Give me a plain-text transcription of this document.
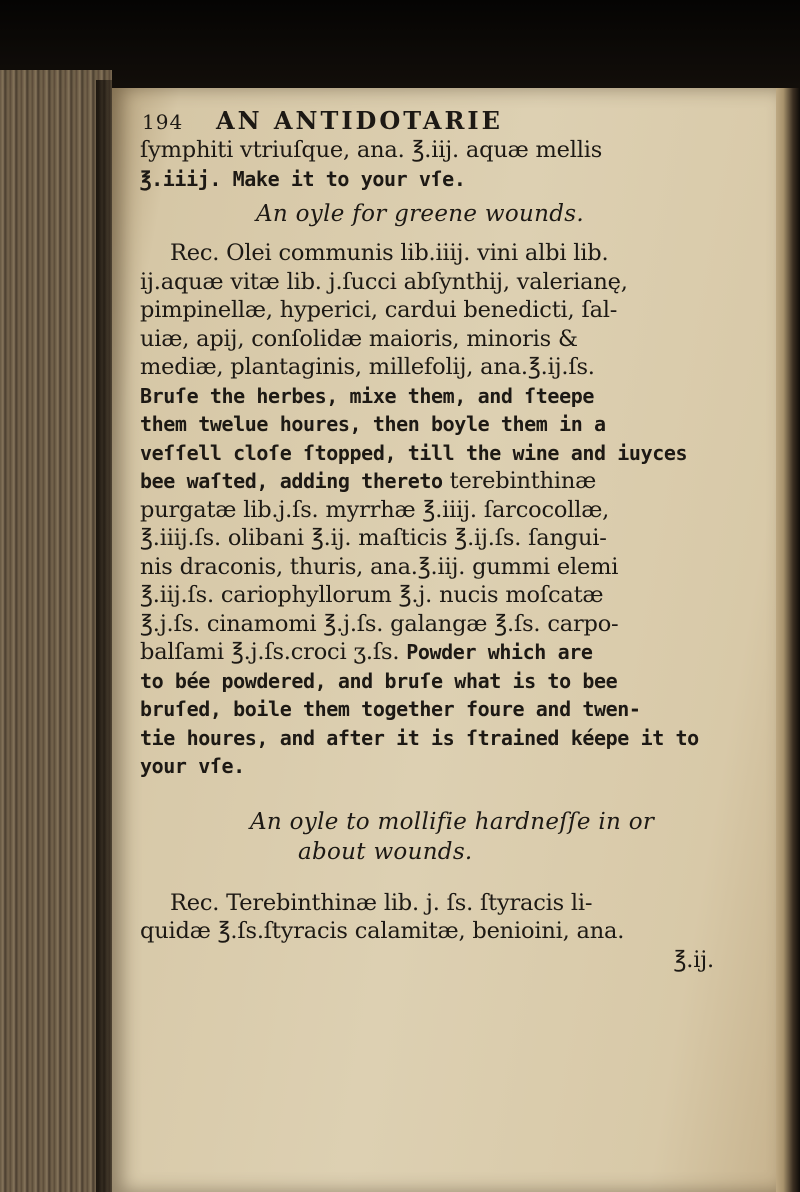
194 AN ANTIDOTARIE
ſymphiti vtriuſque, ana. ℥.iij. aquæ mellis
℥.iiij. Make it to your vſe.
An oyle for greene wounds.
Rec. Olei communis lib.iiij. vini albi lib.
ij.aquæ vitæ lib. j.ſucci abſynthij, valerianę,
pimpinellæ, hyperici, cardui benedicti, ſal-
uiæ, apij, conſolidæ maioris, minoris &
mediæ, plantaginis, millefolij, ana.℥.ij.ſs.
Bruſe the herbes, mixe them, and ſteepe
them twelue houres, then boyle them in a
veſſell cloſe ſtopped, till the wine and iuyces
bee waſted, adding thereto terebinthinæ
purgatæ lib.j.ſs. myrrhæ ℥.iiij. ſarcocollæ,
℥.iiij.ſs. olibani ℥.ij. maſticis ℥.ij.ſs. ſangui-
nis draconis, thuris, ana.℥.iij. gummi elemi
℥.iij.ſs. cariophyllorum ℥.j. nucis moſcatæ
℥.j.ſs. cinamomi ℥.j.ſs. galangæ ℥.ſs. carpo-
balſami ℥.j.ſs.croci ʒ.ſs. Powder which are
to bée powdered, and bruſe what is to bee
bruſed, boile them together foure and twen-
tie houres, and after it is ſtrained kéepe it to
your vſe.
An oyle to mollifie hardneſſe in or
about wounds.
Rec. Terebinthinæ lib. j. ſs. ſtyracis li-
quidæ ℥.ſs.ſtyracis calamitæ, benioini, ana.
℥.ij.
